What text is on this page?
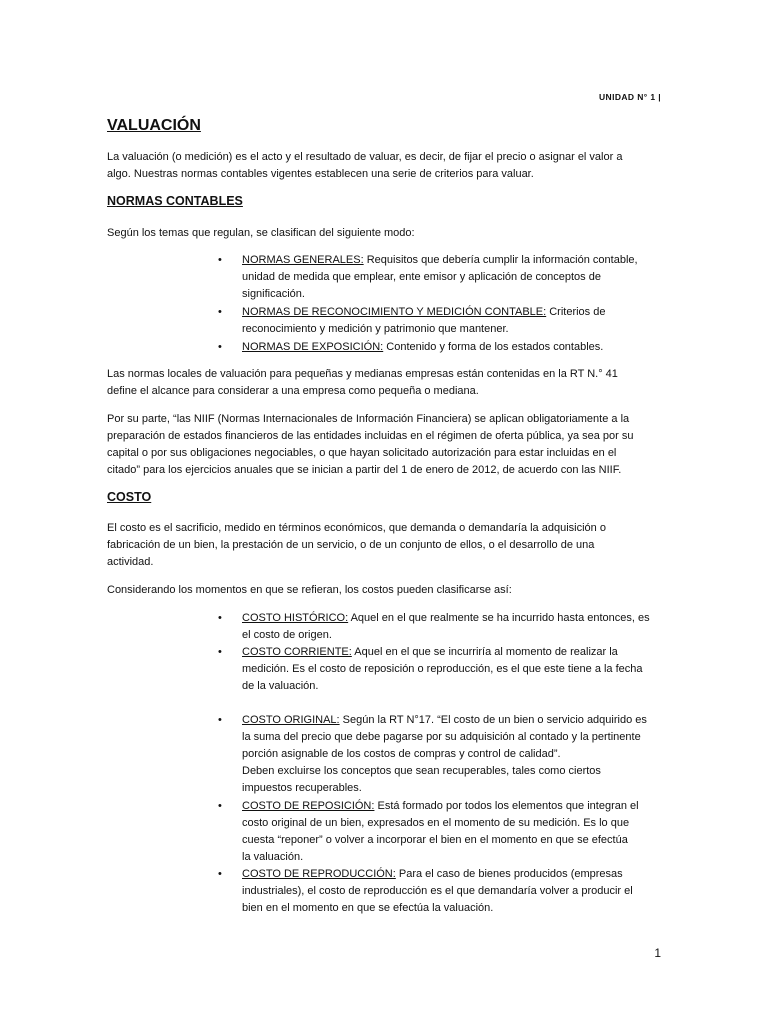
UNIDAD N° 1 |
VALUACIÓN
La valuación (o medición) es el acto y el resultado de valuar, es decir, de fijar el precio o asignar el valor a
algo. Nuestras normas contables vigentes establecen una serie de criterios para valuar.
NORMAS CONTABLES
Según los temas que regulan, se clasifican del siguiente modo:
• NORMAS GENERALES: Requisitos que debería cumplir la información contable,
unidad de medida que emplear, ente emisor y aplicación de conceptos de
significación.
• NORMAS DE RECONOCIMIENTO Y MEDICIÓN CONTABLE: Criterios de
reconocimiento y medición y patrimonio que mantener.
• NORMAS DE EXPOSICIÓN: Contenido y forma de los estados contables.
Las normas locales de valuación para pequeñas y medianas empresas están contenidas en la RT N.° 41
define el alcance para considerar a una empresa como pequeña o mediana.
Por su parte, “las NIIF (Normas Internacionales de Información Financiera) se aplican obligatoriamente a la
preparación de estados financieros de las entidades incluidas en el régimen de oferta pública, ya sea por su
capital o por sus obligaciones negociables, o que hayan solicitado autorización para estar incluidas en el
citado” para los ejercicios anuales que se inician a partir del 1 de enero de 2012, de acuerdo con las NIIF.
COSTO
El costo es el sacrificio, medido en términos económicos, que demanda o demandaría la adquisición o
fabricación de un bien, la prestación de un servicio, o de un conjunto de ellos, o el desarrollo de una
actividad.
Considerando los momentos en que se refieran, los costos pueden clasificarse así:
• COSTO HISTÓRICO: Aquel en el que realmente se ha incurrido hasta entonces, es
el costo de origen.
• COSTO CORRIENTE: Aquel en el que se incurriría al momento de realizar la
medición. Es el costo de reposición o reproducción, es el que este tiene a la fecha
de la valuación.
• COSTO ORIGINAL: Según la RT N°17. “El costo de un bien o servicio adquirido es
la suma del precio que debe pagarse por su adquisición al contado y la pertinente
porción asignable de los costos de compras y control de calidad”.
Deben excluirse los conceptos que sean recuperables, tales como ciertos
impuestos recuperables.
• COSTO DE REPOSICIÓN: Está formado por todos los elementos que integran el
costo original de un bien, expresados en el momento de su medición. Es lo que
cuesta “reponer” o volver a incorporar el bien en el momento en que se efectúa
la valuación.
• COSTO DE REPRODUCCIÓN: Para el caso de bienes producidos (empresas
industriales), el costo de reproducción es el que demandaría volver a producir el
bien en el momento en que se efectúa la valuación.
1
